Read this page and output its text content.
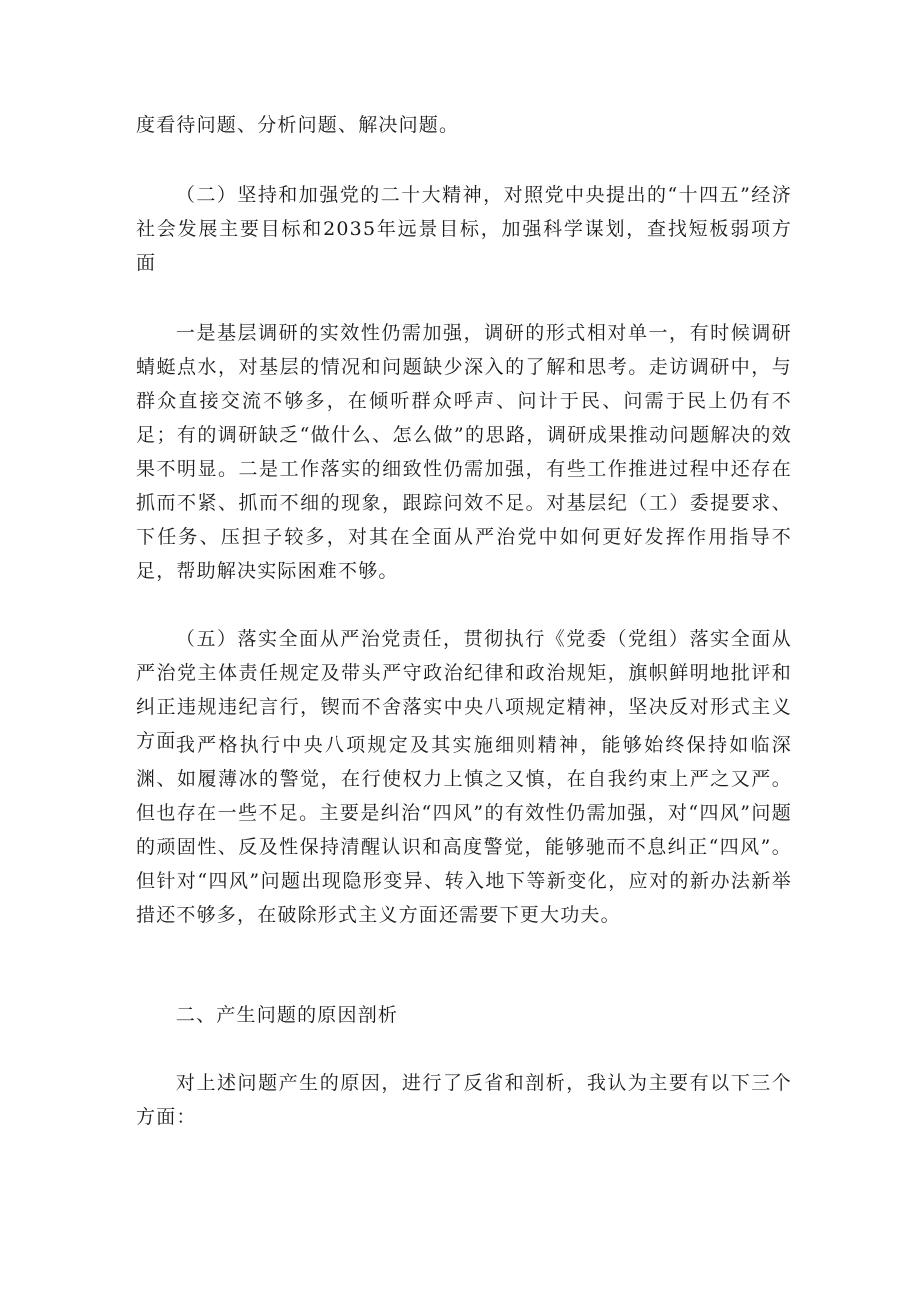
度看待问题、分析问题、解决问题。

（二）坚持和加强党的二十大精神，对照党中央提出的“十四五”经济社会发展主要目标和2035年远景目标，加强科学谋划，查找短板弱项方面

一是基层调研的实效性仍需加强，调研的形式相对单一，有时候调研蜻蜓点水，对基层的情况和问题缺少深入的了解和思考。走访调研中，与群众直接交流不够多，在倾听群众呼声、问计于民、问需于民上仍有不足；有的调研缺乏“做什么、怎么做”的思路，调研成果推动问题解决的效果不明显。二是工作落实的细致性仍需加强，有些工作推进过程中还存在抓而不紧、抓而不细的现象，跟踪问效不足。对基层纪（工）委提要求、下任务、压担子较多，对其在全面从严治党中如何更好发挥作用指导不足，帮助解决实际困难不够。

（五）落实全面从严治党责任，贯彻执行《党委（党组）落实全面从严治党主体责任规定及带头严守政治纪律和政治规矩，旗帜鲜明地批评和纠正违规违纪言行，锲而不舍落实中央八项规定精神，坚决反对形式主义方面 我严格执行中央八项规定及其实施细则精神，能够始终保持如临深渊、如履薄冰的警觉，在行使权力上慎之又慎，在自我约束上严之又严。但也存在一些不足。主要是纠治“四风”的有效性仍需加强，对“四风”问题的顽固性、反及性保持清醒认识和高度警觉，能够驰而不息纠正“四风”。但针对“四风”问题出现隐形变异、转入地下等新变化，应对的新办法新举措还不够多，在破除形式主义方面还需要下更大功夫。

二、产生问题的原因剖析

对上述问题产生的原因，进行了反省和剖析，我认为主要有以下三个方面：
